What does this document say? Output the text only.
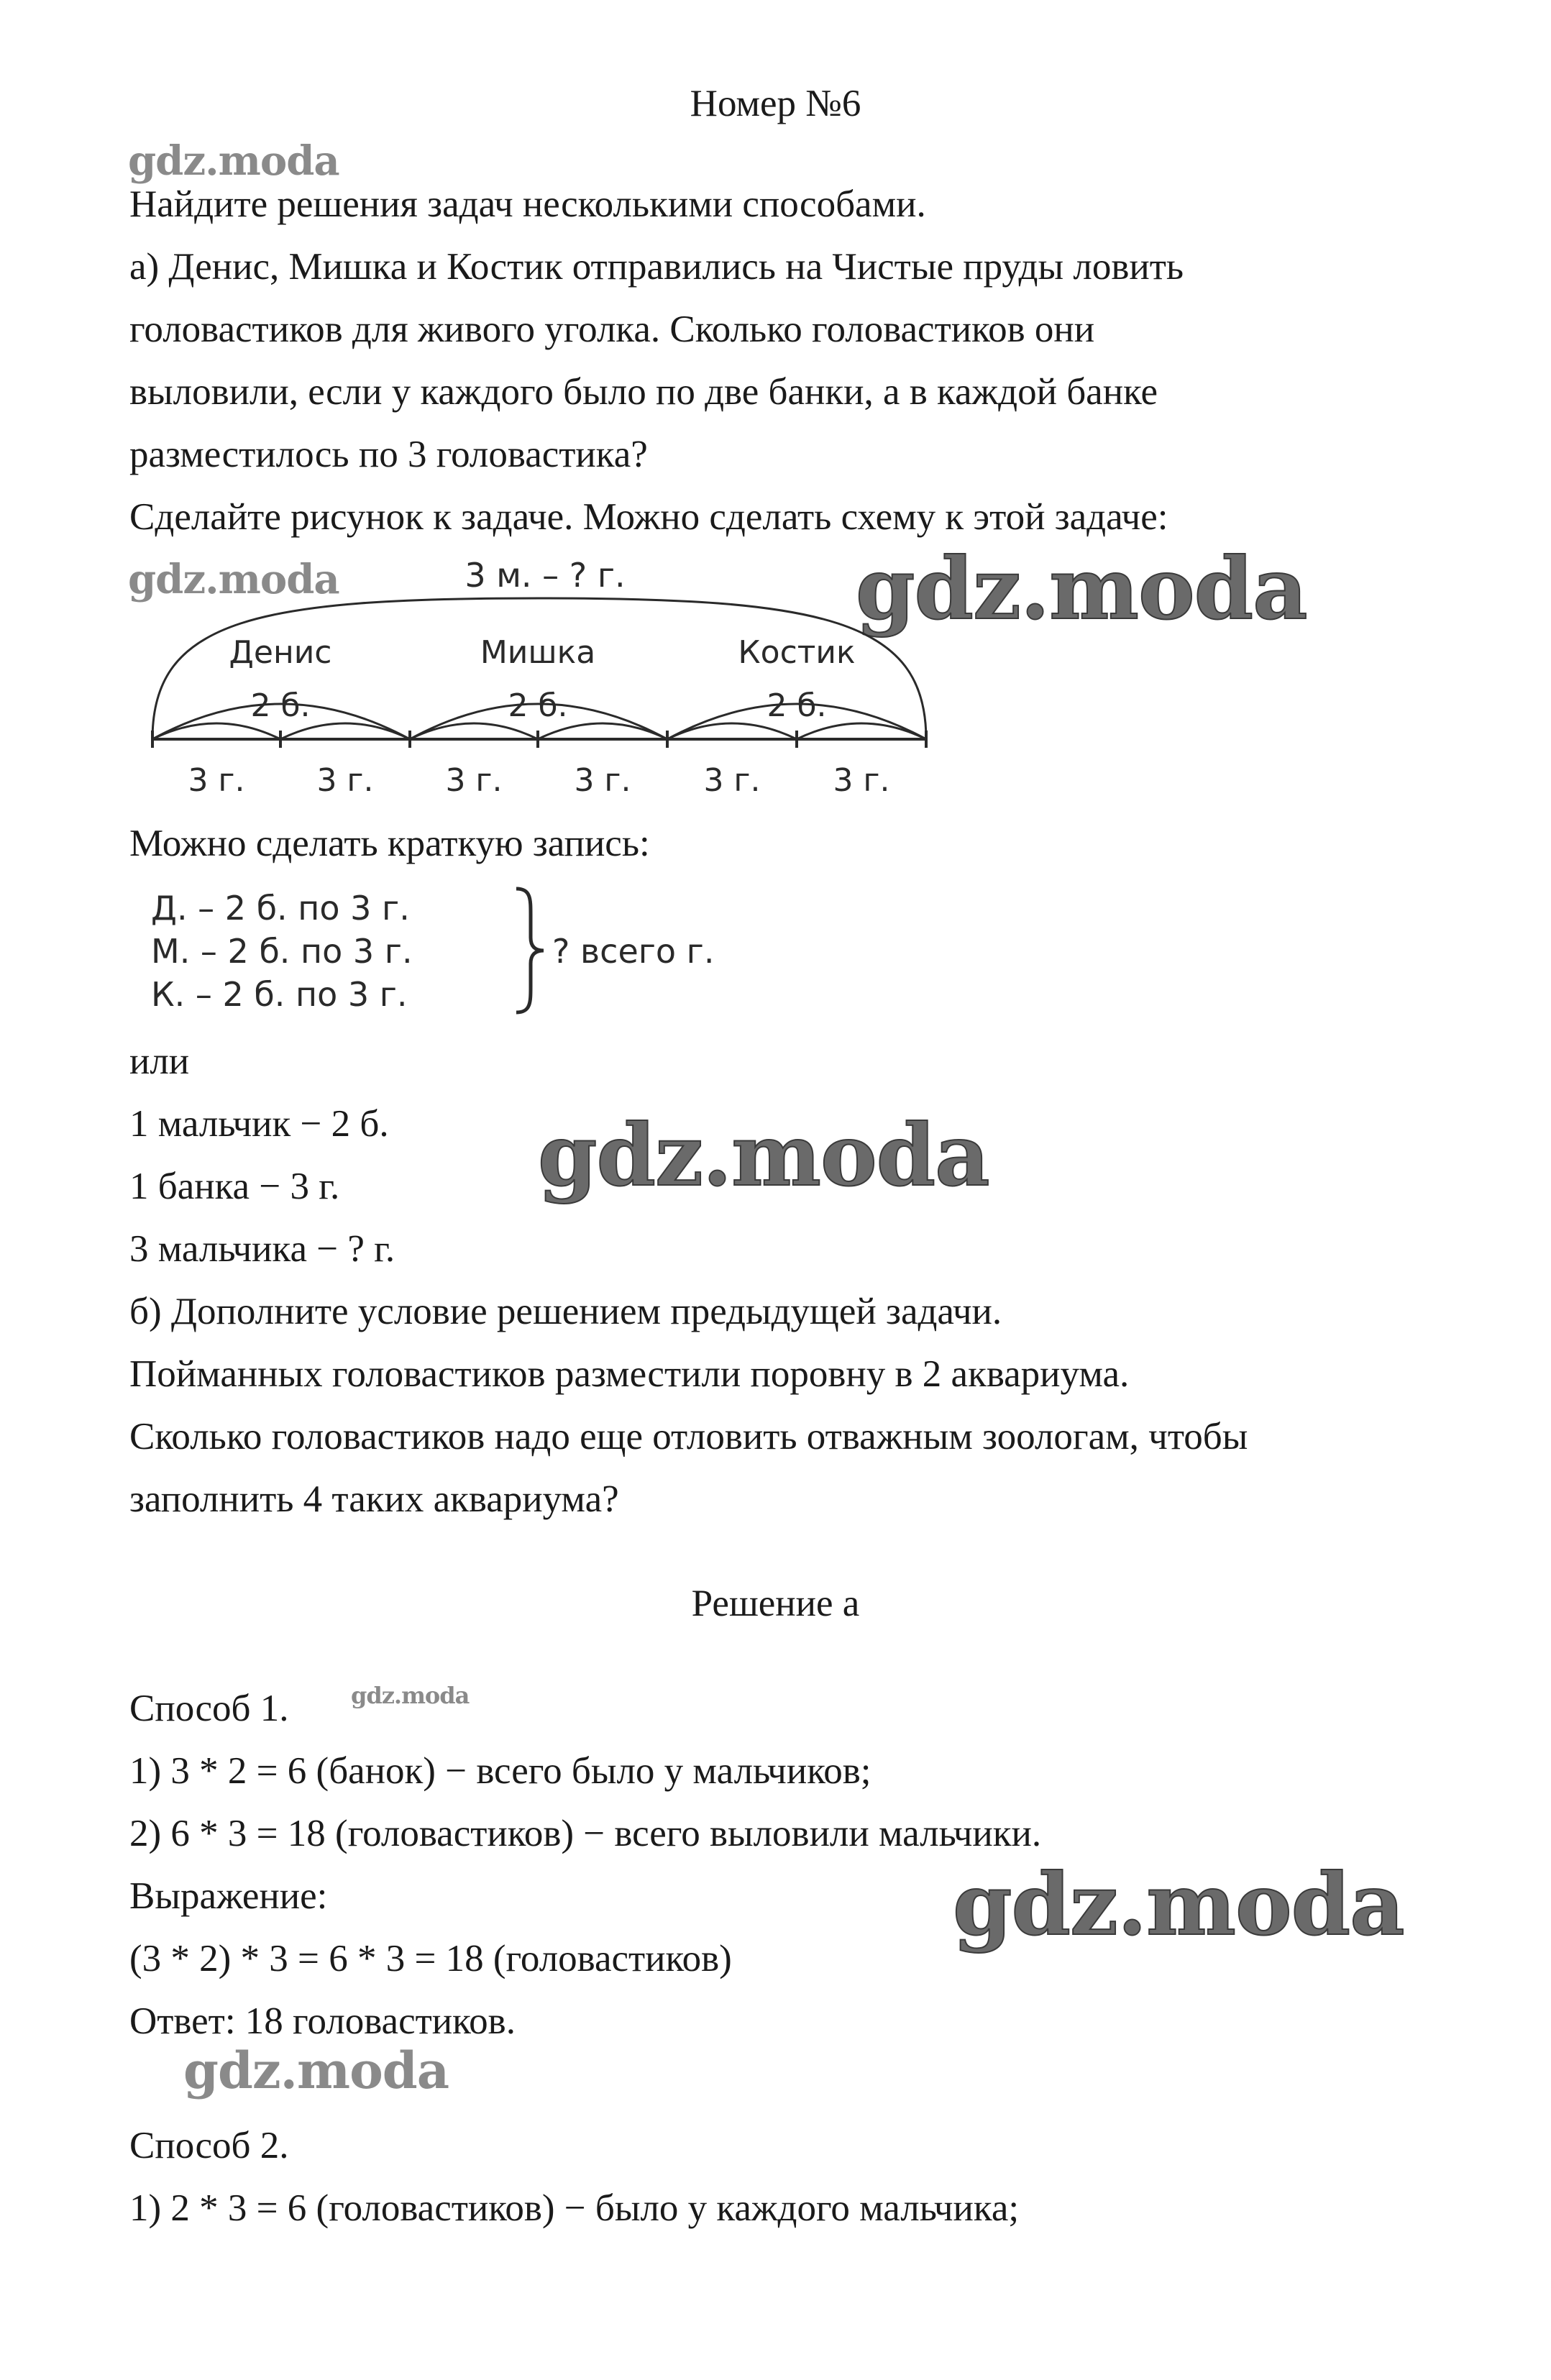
Номер №6
gdz.moda
gdz.moda	gdz.moda
gdz.moda
gdz.moda
gdz.moda
gdz.moda
Найдите решения задач несколькими способами.
а) Денис, Мишка и Костик отправились на Чистые пруды ловить
головастиков для живого уголка. Сколько головастиков они
выловили, если у каждого было по две банки, а в каждой банке
разместилось по 3 головастика?
Сделайте рисунок к задаче. Можно сделать схему к этой задаче:
3 м. – ? г.
Денис	Мишка	Костик
2 б.	2 б.	2 б.
3 г. 3 г. 3 г. 3 г. 3 г. 3 г.
Можно сделать краткую запись:
Д. – 2 б. по 3 г.
М. – 2 б. по 3 г.
К. – 2 б. по 3 г.
? всего г.
или
1 мальчик − 2 б.
1 банка − 3 г.
3 мальчика − ? г.
б) Дополните условие решением предыдущей задачи.
Пойманных головастиков разместили поровну в 2 аквариума.
Сколько головастиков надо еще отловить отважным зоологам, чтобы
заполнить 4 таких аквариума?
Решение а
Способ 1.
1) 3 * 2 = 6 (банок) − всего было у мальчиков;
2) 6 * 3 = 18 (головастиков) − всего выловили мальчики.
Выражение:
(3 * 2) * 3 = 6 * 3 = 18 (головастиков)
Ответ: 18 головастиков.
Способ 2.
1) 2 * 3 = 6 (головастиков) − было у каждого мальчика;
